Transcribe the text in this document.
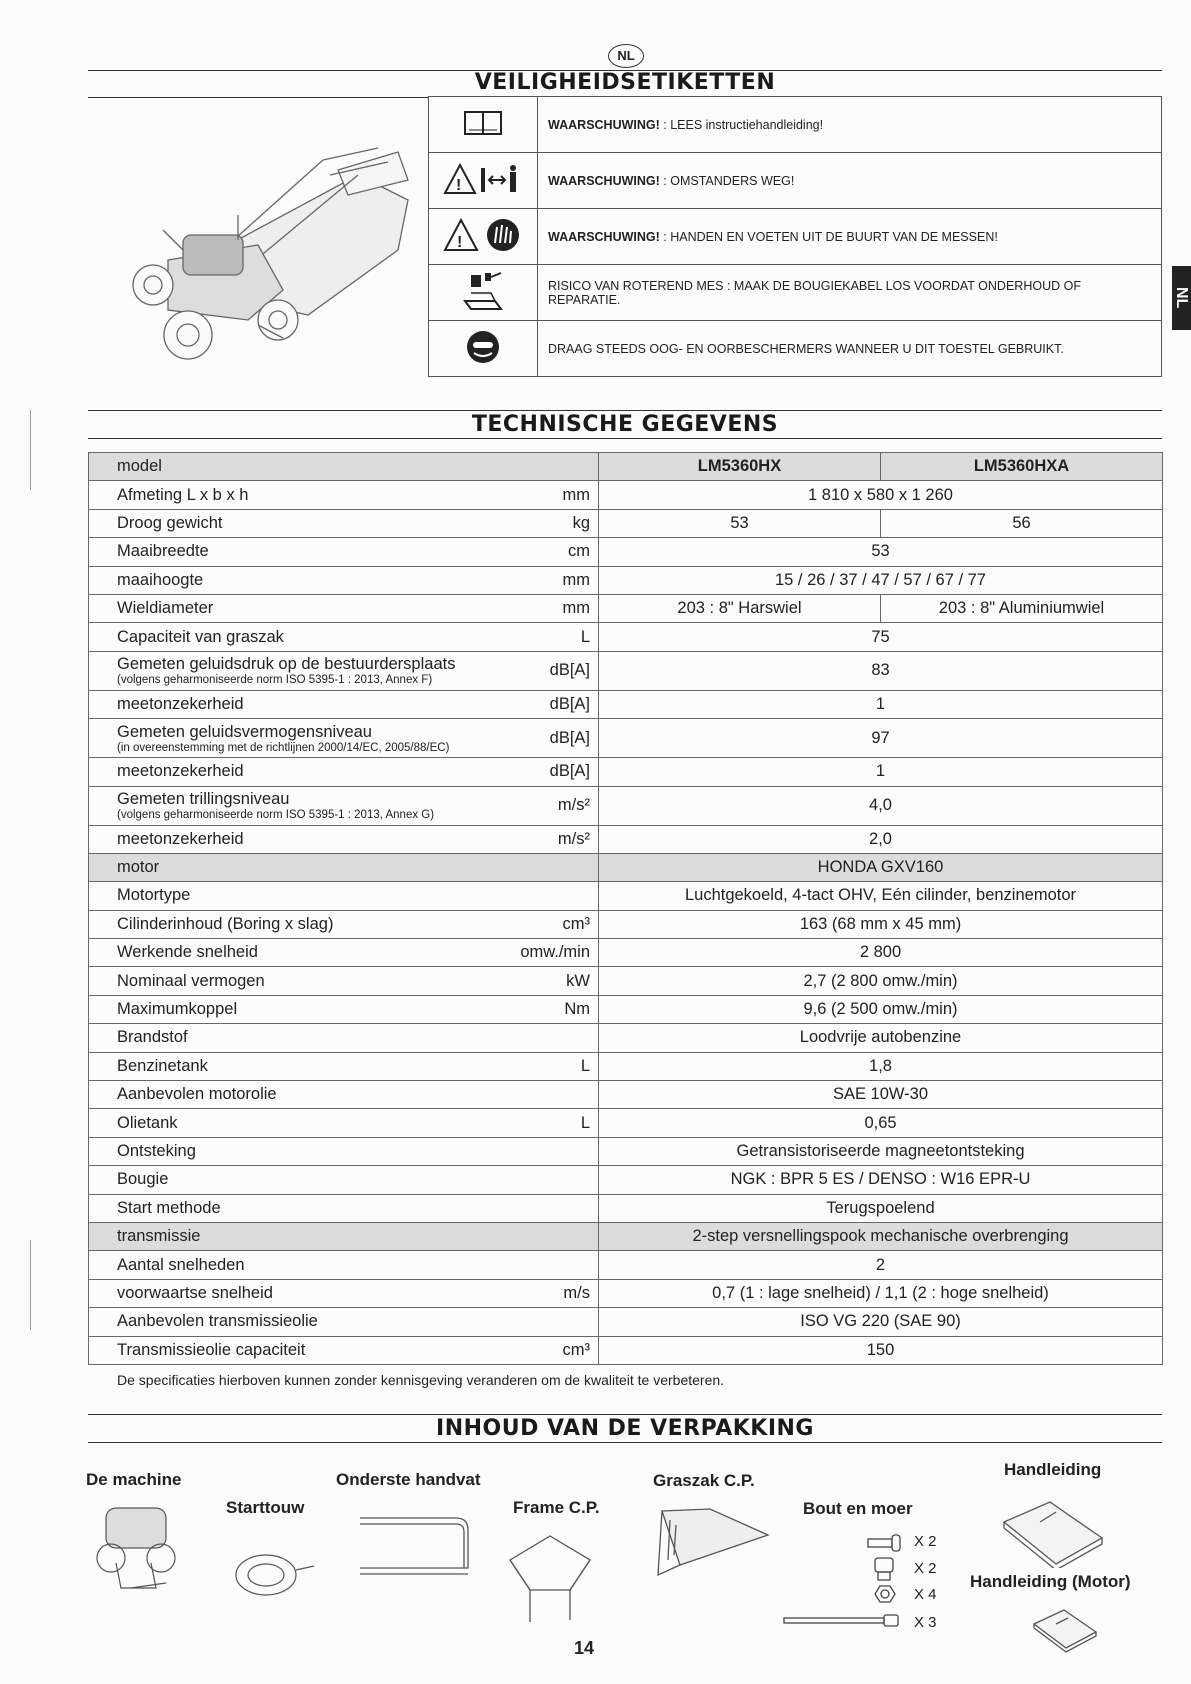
NL
NL
VEILIGHEIDSETIKETTEN
	WAARSCHUWING! : LEES instructiehandleiding!

!	WAARSCHUWING! : OMSTANDERS WEG!

!	WAARSCHUWING! : HANDEN EN VOETEN UIT DE BUURT VAN DE MESSEN!
	RISICO VAN ROTEREND MES : MAAK DE BOUGIEKABEL LOS VOORDAT ONDERHOUD OF REPARATIE.
	DRAAG STEEDS OOG- EN OORBESCHERMERS WANNEER U DIT TOESTEL GEBRUIKT.
TECHNISCHE GEGEVENS
model	LM5360HX	LM5360HXA

Afmeting L x b x h mm	1 810 x 580 x 1 260	

Droog gewicht kg	53	56

Maaibreedte cm	53	

maaihoogte mm	15 / 26 / 37 / 47 / 57 / 67 / 77	

Wieldiameter mm	203 : 8" Harswiel	203 : 8" Aluminiumwiel

Capaciteit van graszak L	75	

Gemeten geluidsdruk op de bestuurdersplaats
(volgens geharmoniseerde norm ISO 5395-1 : 2013, Annex F)
dB[A]	83	

meetonzekerheid dB[A]	1	

Gemeten geluidsvermogensniveau
(in overeenstemming met de richtlijnen 2000/14/EC, 2005/88/EC)
dB[A]	97	

meetonzekerheid dB[A]	1	

Gemeten trillingsniveau
(volgens geharmoniseerde norm ISO 5395-1 : 2013, Annex G)
m/s²	4,0	

meetonzekerheid m/s²	2,0	

motor	HONDA GXV160	

Motortype	Luchtgekoeld, 4-tact OHV, Eén cilinder, benzinemotor	

Cilinderinhoud (Boring x slag) cm³	163 (68 mm x 45 mm)	

Werkende snelheid omw./min	2 800	

Nominaal vermogen kW	2,7 (2 800 omw./min)	

Maximumkoppel Nm	9,6 (2 500 omw./min)	

Brandstof	Loodvrije autobenzine	

Benzinetank L	1,8	

Aanbevolen motorolie	SAE 10W-30	

Olietank L	0,65	

Ontsteking	Getransistoriseerde magneetontsteking	

Bougie	NGK : BPR 5 ES / DENSO : W16 EPR-U	

Start methode	Terugspoelend	

transmissie	2-step versnellingspook mechanische overbrenging	

Aantal snelheden	2	

voorwaartse snelheid m/s	0,7 (1 : lage snelheid) / 1,1 (2 : hoge snelheid)	

Aanbevolen transmissieolie	ISO VG 220 (SAE 90)	

Transmissieolie capaciteit cm³	150	
De specificaties hierboven kunnen zonder kennisgeving veranderen om de kwaliteit te verbeteren.
INHOUD VAN DE VERPAKKING
De machine
Starttouw
Onderste handvat
Frame C.P.
Graszak C.P.
Bout en moer
Handleiding
Handleiding (Motor)
X 2
X 2
X 4
X 3
14
